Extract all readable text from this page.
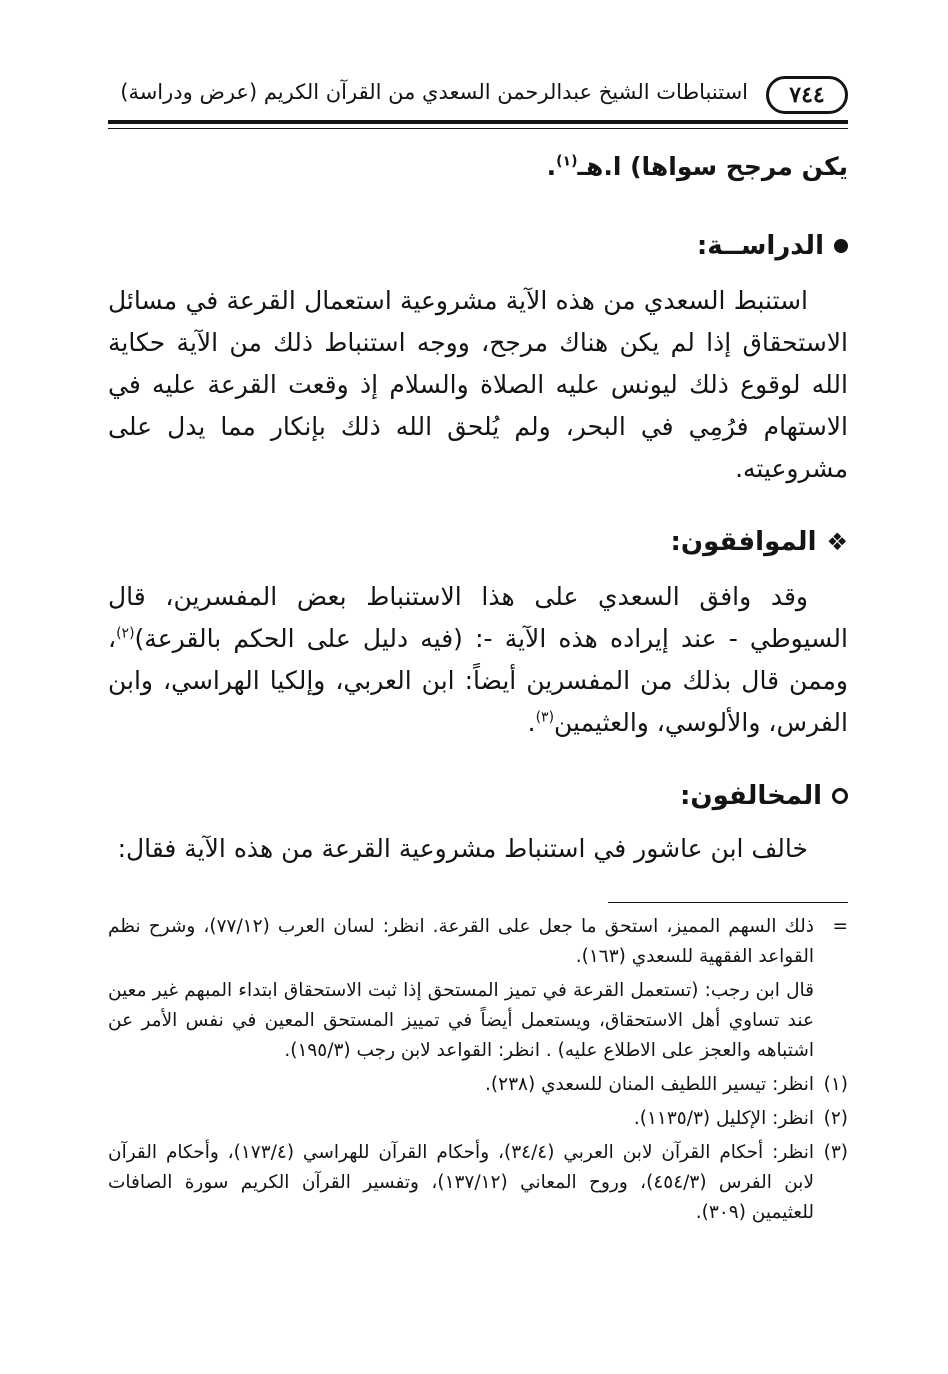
٧٤٤
استنباطات الشيخ عبدالرحمن السعدي من القرآن الكريم (عرض ودراسة)
يكن مرجح سواها) ا.هـ$^{(١)}$.
الدراســة:
استنبط السعدي من هذه الآية مشروعية استعمال القرعة في مسائل الاستحقاق إذا لم يكن هناك مرجح، ووجه استنباط ذلك من الآية حكاية الله لوقوع ذلك ليونس عليه الصلاة والسلام إذ وقعت القرعة عليه في الاستهام فرُمِي في البحر، ولم يُلحق الله ذلك بإنكار مما يدل على مشروعيته.
❖
الموافقون:
وقد وافق السعدي على هذا الاستنباط بعض المفسرين، قال السيوطي - عند إيراده هذه الآية -: (فيه دليل على الحكم بالقرعة)$^{(٢)}$، وممن قال بذلك من المفسرين أيضاً: ابن العربي، وإلكيا الهراسي، وابن الفرس، والألوسي، والعثيمين$^{(٣)}$.
المخالفون:
خالف ابن عاشور في استنباط مشروعية القرعة من هذه الآية فقال:
=
ذلك السهم المميز، استحق ما جعل على القرعة. انظر: لسان العرب (٧٧/١٢)، وشرح نظم القواعد الفقهية للسعدي (١٦٣).
قال ابن رجب: (تستعمل القرعة في تميز المستحق إذا ثبت الاستحقاق ابتداء المبهم غير معين عند تساوي أهل الاستحقاق، ويستعمل أيضاً في تمييز المستحق المعين في نفس الأمر عن اشتباهه والعجز على الاطلاع عليه) . انظر: القواعد لابن رجب (١٩٥/٣).
(١)
انظر: تيسير اللطيف المنان للسعدي (٢٣٨).
(٢)
انظر: الإكليل (١١٣٥/٣).
(٣)
انظر: أحكام القرآن لابن العربي (٣٤/٤)، وأحكام القرآن للهراسي (١٧٣/٤)، وأحكام القرآن لابن الفرس (٤٥٤/٣)، وروح المعاني (١٣٧/١٢)، وتفسير القرآن الكريم سورة الصافات للعثيمين (٣٠٩).
